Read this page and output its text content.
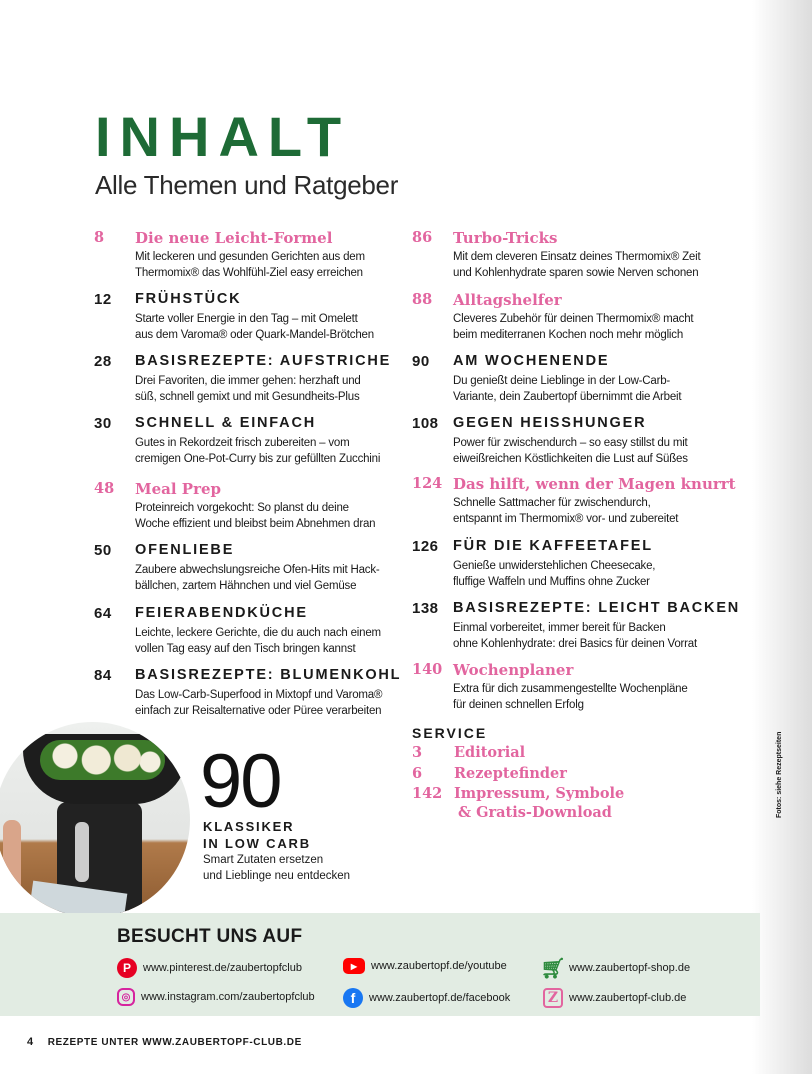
INHALT
Alle Themen und Ratgeber
8 Die neue Leicht-Formel
Mit leckeren und gesunden Gerichten aus dem
Thermomix® das Wohlfühl-Ziel easy erreichen
12 FRÜHSTÜCK
Starte voller Energie in den Tag – mit Omelett
aus dem Varoma® oder Quark-Mandel-Brötchen
28 BASISREZEPTE: AUFSTRICHE
Drei Favoriten, die immer gehen: herzhaft und
süß, schnell gemixt und mit Gesundheits-Plus
30 SCHNELL & EINFACH
Gutes in Rekordzeit frisch zubereiten – vom
cremigen One-Pot-Curry bis zur gefüllten Zucchini
48 Meal Prep
Proteinreich vorgekocht: So planst du deine
Woche effizient und bleibst beim Abnehmen dran
50 OFENLIEBE
Zaubere abwechslungsreiche Ofen-Hits mit Hack-
bällchen, zartem Hähnchen und viel Gemüse
64 FEIERABENDKÜCHE
Leichte, leckere Gerichte, die du auch nach einem
vollen Tag easy auf den Tisch bringen kannst
84 BASISREZEPTE: BLUMENKOHL
Das Low-Carb-Superfood in Mixtopf und Varoma®
einfach zur Reisalternative oder Püree verarbeiten
86 Turbo-Tricks
Mit dem cleveren Einsatz deines Thermomix® Zeit
und Kohlenhydrate sparen sowie Nerven schonen
88 Alltagshelfer
Cleveres Zubehör für deinen Thermomix® macht
beim mediterranen Kochen noch mehr möglich
90 AM WOCHENENDE
Du genießt deine Lieblinge in der Low-Carb-
Variante, dein Zaubertopf übernimmt die Arbeit
108 GEGEN HEISSHUNGER
Power für zwischendurch – so easy stillst du mit
eiweißreichen Köstlichkeiten die Lust auf Süßes
124 Das hilft, wenn der Magen knurrt
Schnelle Sattmacher für zwischendurch,
entspannt im Thermomix® vor- und zubereitet
126 FÜR DIE KAFFEETAFEL
Genieße unwiderstehlichen Cheesecake,
fluffige Waffeln und Muffins ohne Zucker
138 BASISREZEPTE: LEICHT BACKEN
Einmal vorbereitet, immer bereit für Backen
ohne Kohlenhydrate: drei Basics für deinen Vorrat
140 Wochenplaner
Extra für dich zusammengestellte Wochenpläne
für deinen schnellen Erfolg
SERVICE
3 Editorial
6 Rezeptefinder
142 Impressum, Symbole
& Gratis-Download
90
KLASSIKER
IN LOW CARB
Smart Zutaten ersetzen
und Lieblinge neu entdecken
Fotos: siehe Rezeptseiten
BESUCHT UNS AUF
P	www.pinterest.de/zaubertopfclub	▶	www.zaubertopf.de/youtube 🛒︎ www.zaubertopf-shop.de
◎ www.instagram.com/zaubertopfclub	f	www.zaubertopf.de/facebook	Z www.zaubertopf-club.de
4 REZEPTE UNTER WWW.ZAUBERTOPF-CLUB.DE
